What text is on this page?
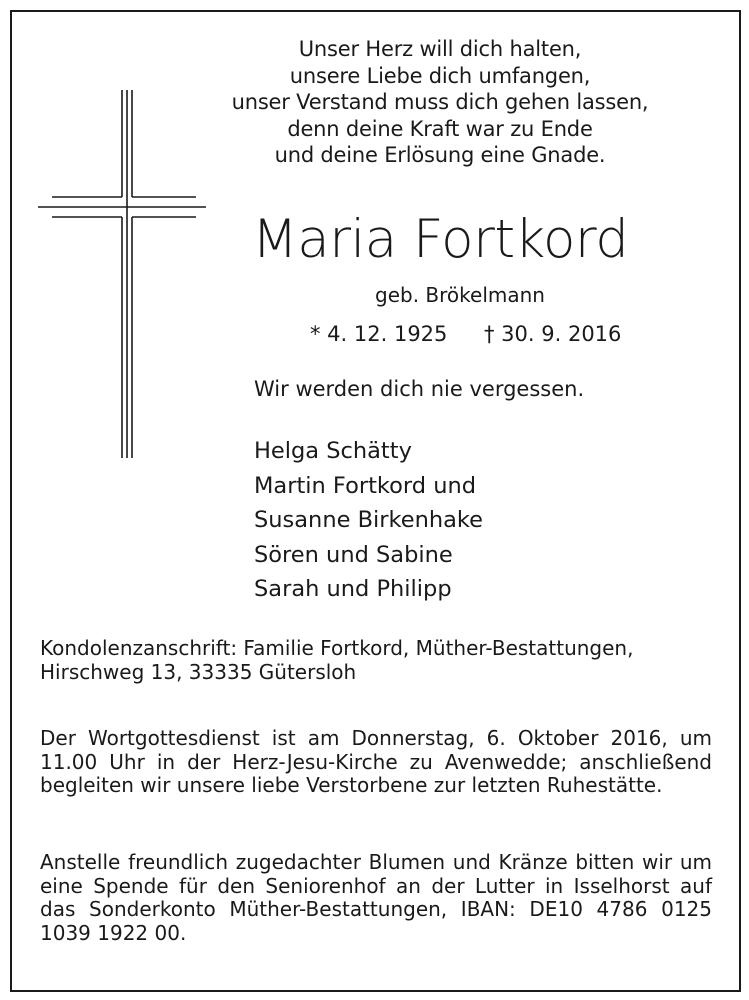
Unser Herz will dich halten,
unsere Liebe dich umfangen,
unser Verstand muss dich gehen lassen,
denn deine Kraft war zu Ende
und deine Erlösung eine Gnade.
Maria Fortkord
geb. Brökelmann
* 4. 12. 1925 † 30. 9. 2016
Wir werden dich nie vergessen.
Helga Schätty
Martin Fortkord und
Susanne Birkenhake
Sören und Sabine
Sarah und Philipp
Kondolenzanschrift: Familie Fortkord, Müther-Bestattungen,
Hirschweg 13, 33335 Gütersloh
Der Wortgottesdienst ist am Donnerstag, 6. Oktober 2016, um 11.00 Uhr in der Herz-Jesu-Kirche zu Avenwedde; anschließend begleiten wir unsere liebe Verstorbene zur letzten Ruhestätte.
Anstelle freundlich zugedachter Blumen und Kränze bitten wir um eine Spende für den Seniorenhof an der Lutter in Isselhorst auf das Sonderkonto Müther-Bestattungen, IBAN: DE10 4786 0125 1039 1922 00.
